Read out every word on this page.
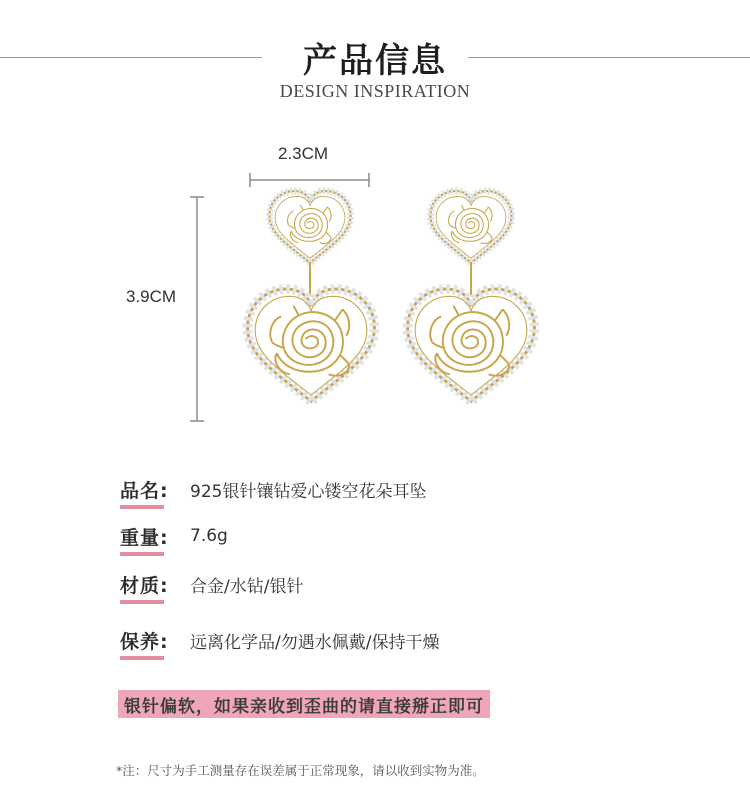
产品信息
DESIGN INSPIRATION
2.3CM
3.9CM
品名:	925银针镶钻爱心镂空花朵耳坠
重量:	7.6g
材质:	合金/水钻/银针
保养:	远离化学品/勿遇水佩戴/保持干燥
银针偏软，如果亲收到歪曲的请直接掰正即可
*注：尺寸为手工测量存在误差属于正常现象，请以收到实物为准。
